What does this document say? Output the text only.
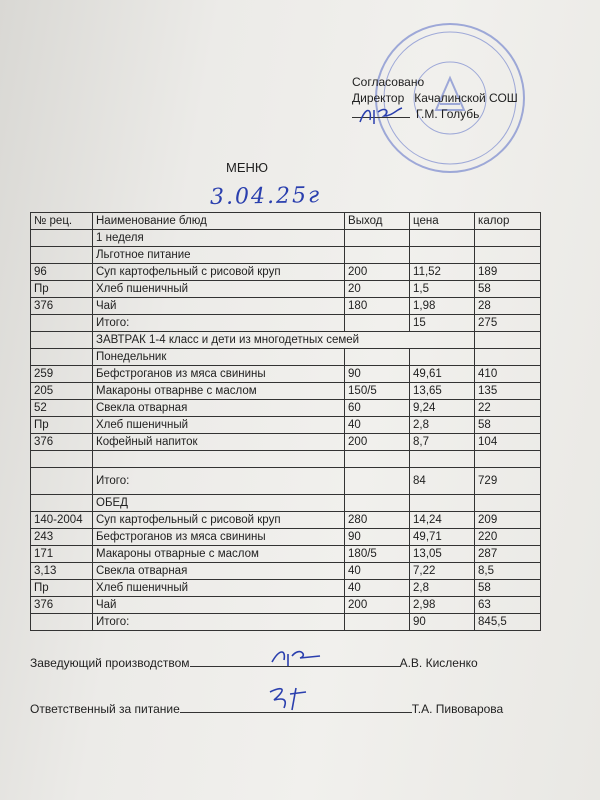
Согласовано
Директор Качалинской СОШ
Г.М. Голубь
МЕНЮ
3.04.25г
№ рец.	Наименование блюд	Выход	цена	калор
	1 неделя			
	Льготное питание			
96	Суп картофельный с рисовой круп	200	11,52	189
Пр	Хлеб пшеничный	20	1,5	58
376	Чай	180	1,98	28
	Итого:		15	275
	ЗАВТРАК 1-4 класс и дети из многодетных семей			
	Понедельник			
259	Бефстроганов из мяса свинины	90	49,61	410
205	Макароны отварнве с маслом	150/5	13,65	135
52	Свекла отварная	60	9,24	22
Пр	Хлеб пшеничный	40	2,8	58
376	Кофейный напиток	200	8,7	104

	Итого:		84	729
	ОБЕД			
140-2004	Суп картофельный с рисовой круп	280	14,24	209
243	Бефстроганов из мяса свинины	90	49,71	220
171	Макароны отварные с маслом	180/5	13,05	287
3,13	Свекла отварная	40	7,22	8,5
Пр	Хлеб пшеничный	40	2,8	58
376	Чай	200	2,98	63
	Итого:		90	845,5
Заведующий производством	А.В. Кисленко
Ответственный за питание	Т.А. Пивоварова
